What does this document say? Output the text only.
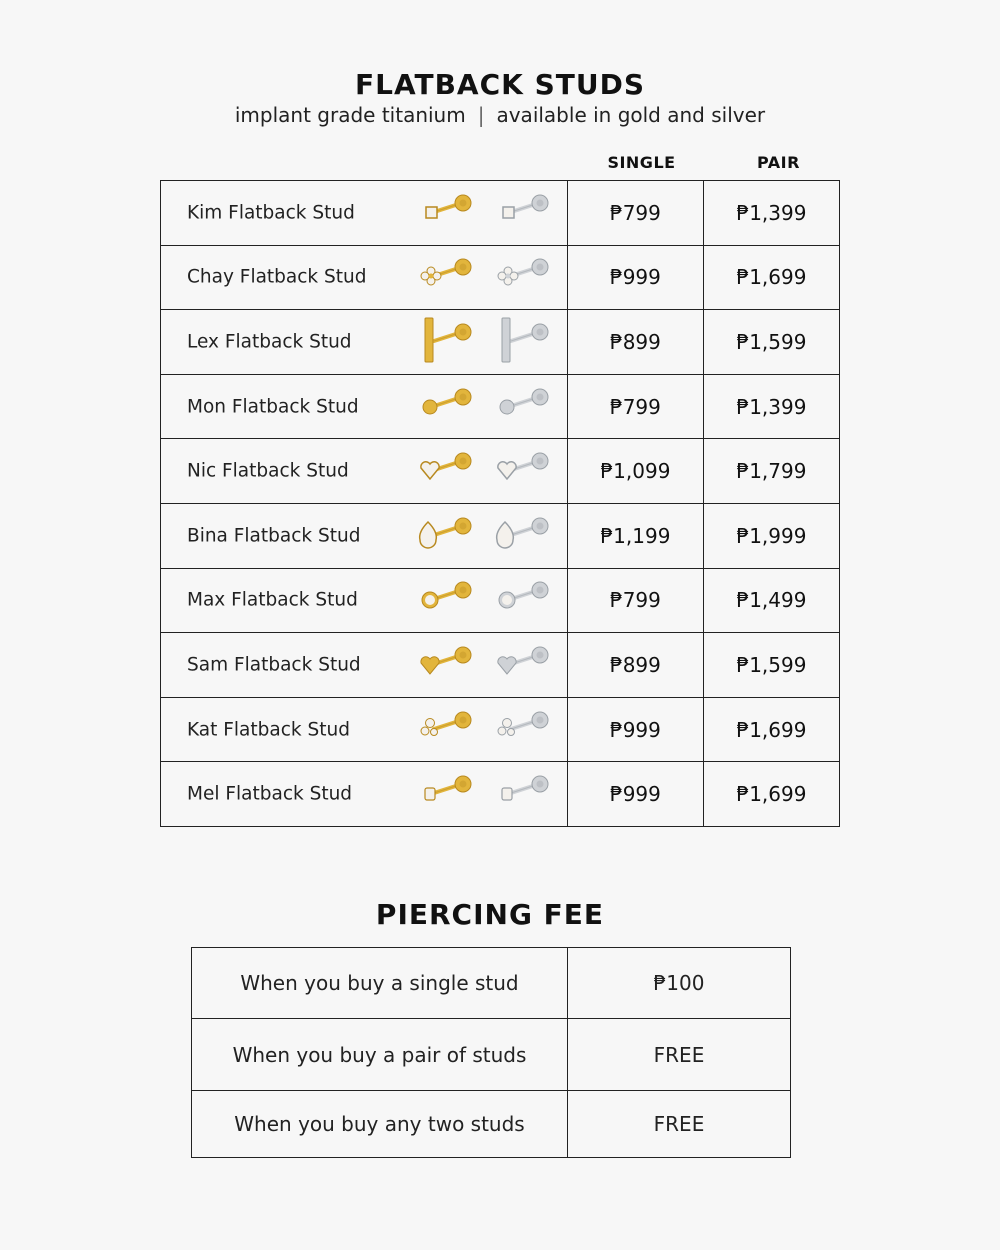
FLATBACK STUDS
implant grade titanium | available in gold and silver
SINGLE	PAIR
Kim Flatback Stud	₱799	₱1,399

Chay Flatback Stud	₱999	₱1,699

Lex Flatback Stud	₱899	₱1,599

Mon Flatback Stud	₱799	₱1,399

Nic Flatback Stud	₱1,099	₱1,799

Bina Flatback Stud	₱1,199	₱1,999

Max Flatback Stud	₱799	₱1,499

Sam Flatback Stud	₱899	₱1,599

Kat Flatback Stud	₱999	₱1,699

Mel Flatback Stud	₱999	₱1,699
PIERCING FEE
When you buy a single stud	₱100
When you buy a pair of studs	FREE
When you buy any two studs	FREE
